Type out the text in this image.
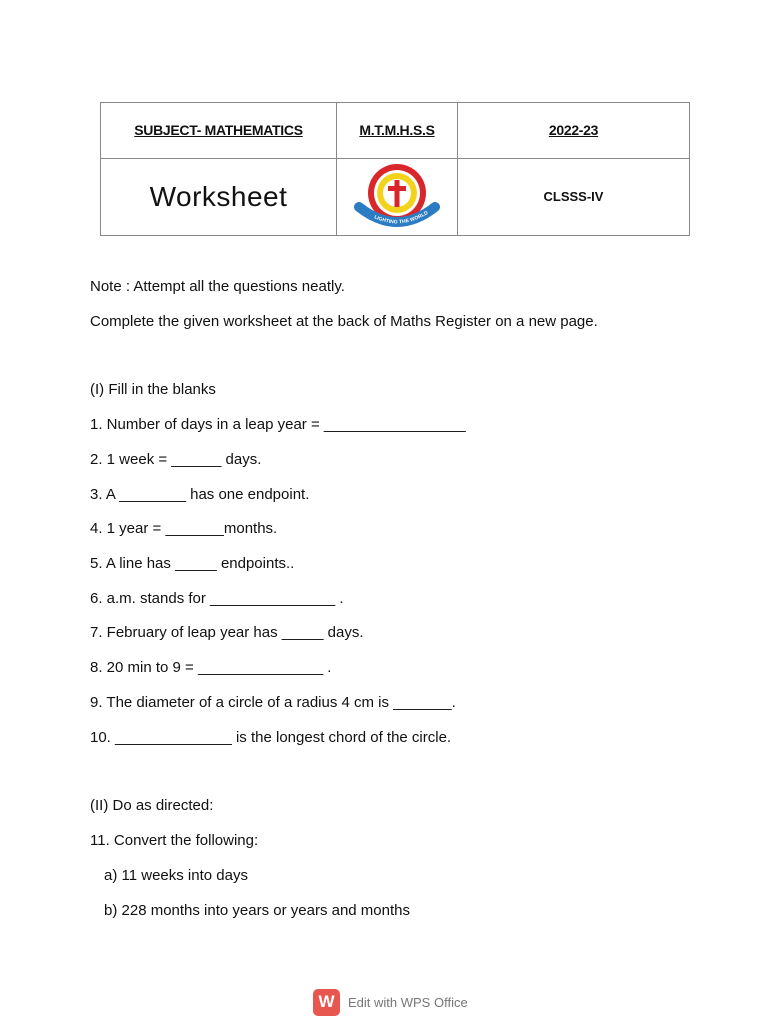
SUBJECT- MATHEMATICS	M.T.M.H.S.S	2022-23
Worksheet	LIGHTING THE WORLD	CLSSS-IV
Note : Attempt all the questions neatly.
Complete the given worksheet at the back of Maths Register on a new page.
(I) Fill in the blanks
1. Number of days in a leap year = _________________
2. 1 week = ______ days.
3. A ________ has one endpoint.
4. 1 year = _______months.
5. A line has _____ endpoints..
6. a.m. stands for _______________ .
7. February of leap year has _____ days.
8. 20 min to 9 = _______________ .
9. The diameter of a circle of a radius 4 cm is _______.
10. ______________ is the longest chord of the circle.
(II) Do as directed:
11. Convert the following:
a) 11 weeks into days
b) 228 months into years or years and months
W	Edit with WPS Office
